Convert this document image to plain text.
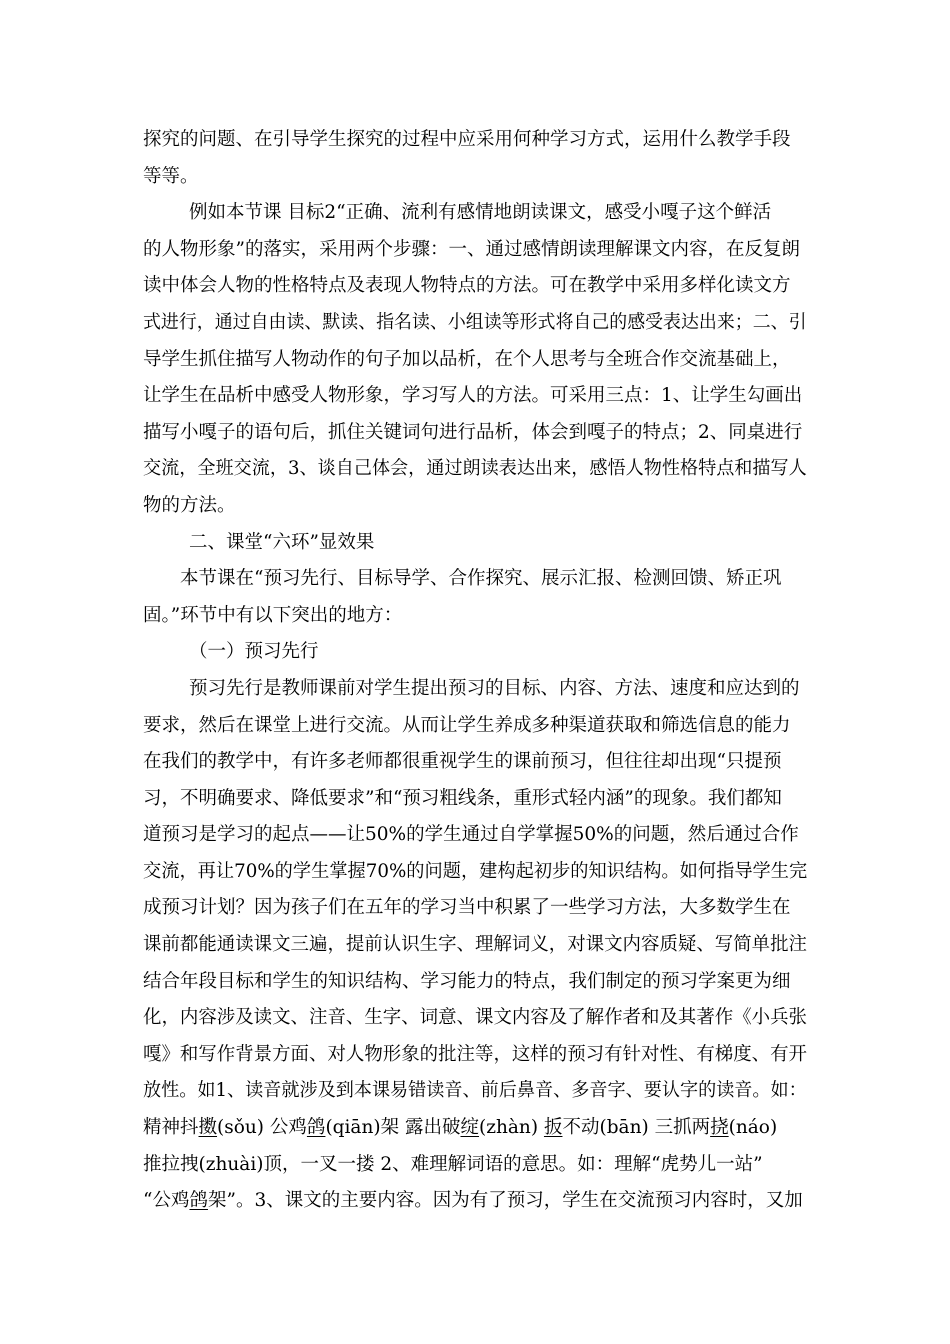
探究的问题、在引导学生探究的过程中应采用何种学习方式，运用什么教学手段
等等。
例如本节课 目标2“正确、流利有感情地朗读课文，感受小嘎子这个鲜活
的人物形象”的落实，采用两个步骤：一、通过感情朗读理解课文内容，在反复朗
读中体会人物的性格特点及表现人物特点的方法。可在教学中采用多样化读文方
式进行，通过自由读、默读、指名读、小组读等形式将自己的感受表达出来；二、引
导学生抓住描写人物动作的句子加以品析，在个人思考与全班合作交流基础上，
让学生在品析中感受人物形象，学习写人的方法。可采用三点：1、让学生勾画出
描写小嘎子的语句后，抓住关键词句进行品析，体会到嘎子的特点；2、同桌进行
交流，全班交流，3、谈自己体会，通过朗读表达出来，感悟人物性格特点和描写人
物的方法。
二、课堂“六环”显效果
本节课在“预习先行、目标导学、合作探究、展示汇报、检测回馈、矫正巩
固。”环节中有以下突出的地方：
（一）预习先行
预习先行是教师课前对学生提出预习的目标、内容、方法、速度和应达到的
要求，然后在课堂上进行交流。从而让学生养成多种渠道获取和筛选信息的能力
在我们的教学中，有许多老师都很重视学生的课前预习，但往往却出现“只提预
习，不明确要求、降低要求”和“预习粗线条，重形式轻内涵”的现象。我们都知
道预习是学习的起点——让50%的学生通过自学掌握50%的问题，然后通过合作
交流，再让70%的学生掌握70%的问题，建构起初步的知识结构。如何指导学生完
成预习计划？因为孩子们在五年的学习当中积累了一些学习方法，大多数学生在
课前都能通读课文三遍，提前认识生字、理解词义，对课文内容质疑、写简单批注
结合年段目标和学生的知识结构、学习能力的特点，我们制定的预习学案更为细
化，内容涉及读文、注音、生字、词意、课文内容及了解作者和及其著作《小兵张
嘎》和写作背景方面、对人物形象的批注等，这样的预习有针对性、有梯度、有开
放性。如1、读音就涉及到本课易错读音、前后鼻音、多音字、要认字的读音。如：
精神抖擞(sǒu) 公鸡鸽(qiān)架 露出破绽(zhàn) 扳不动(bān) 三抓两挠(náo)
推拉拽(zhuài)顶，一叉一搂 2、难理解词语的意思。如：理解“虎势儿一站”
“公鸡鸽架”。3、课文的主要内容。因为有了预习，学生在交流预习内容时，又加
